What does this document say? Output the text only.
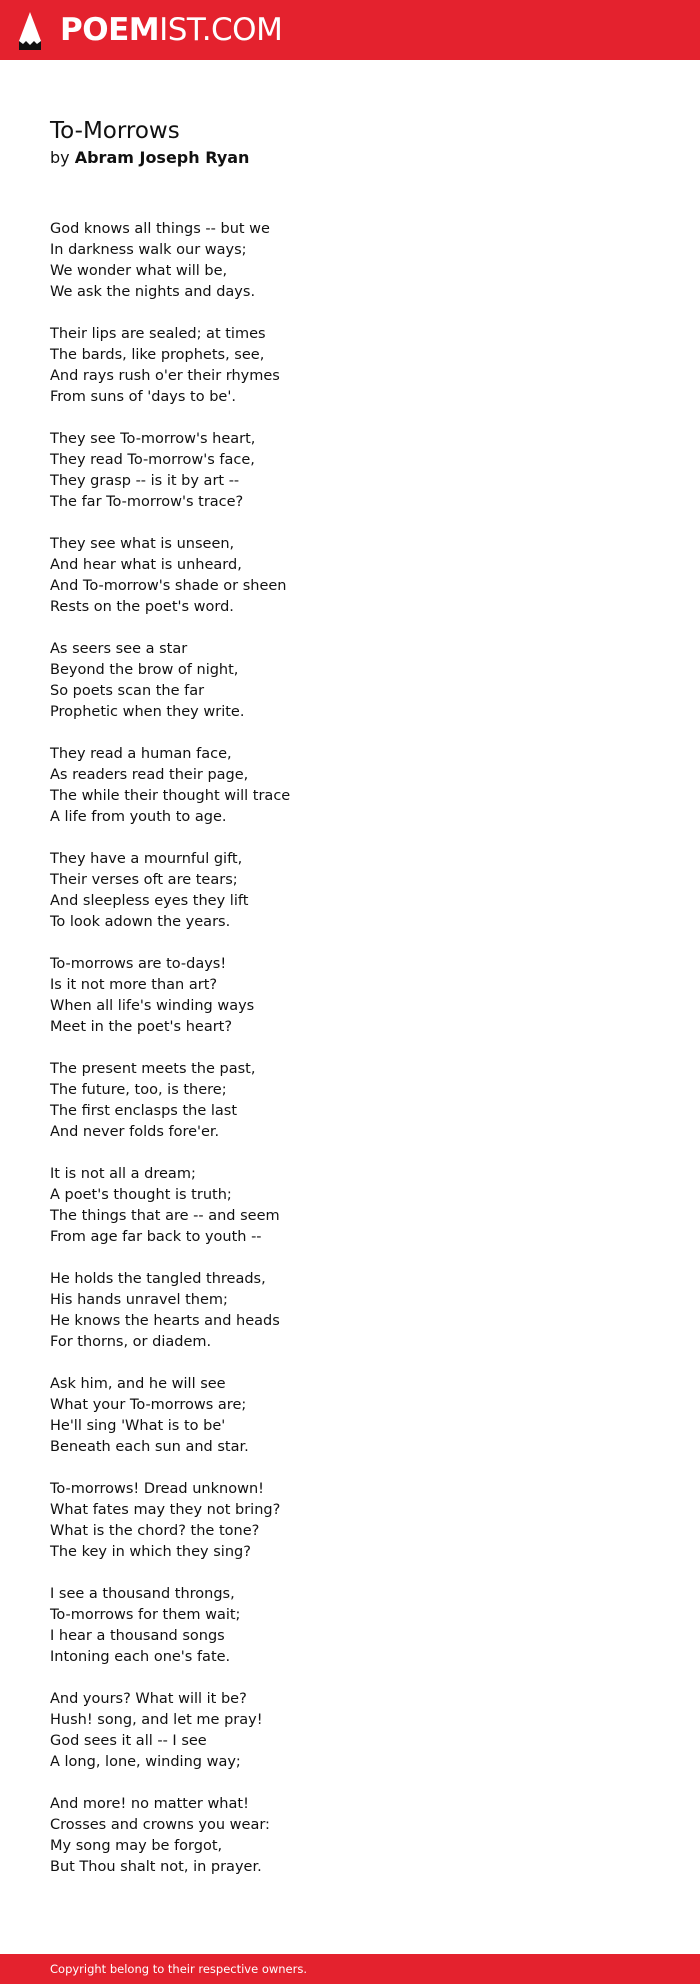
POEMIST.COM
To-Morrows
by Abram Joseph Ryan
God knows all things -- but we
In darkness walk our ways;
We wonder what will be,
We ask the nights and days.
Their lips are sealed; at times
The bards, like prophets, see,
And rays rush o'er their rhymes
From suns of 'days to be'.
They see To-morrow's heart,
They read To-morrow's face,
They grasp -- is it by art --
The far To-morrow's trace?
They see what is unseen,
And hear what is unheard,
And To-morrow's shade or sheen
Rests on the poet's word.
As seers see a star
Beyond the brow of night,
So poets scan the far
Prophetic when they write.
They read a human face,
As readers read their page,
The while their thought will trace
A life from youth to age.
They have a mournful gift,
Their verses oft are tears;
And sleepless eyes they lift
To look adown the years.
To-morrows are to-days!
Is it not more than art?
When all life's winding ways
Meet in the poet's heart?
The present meets the past,
The future, too, is there;
The first enclasps the last
And never folds fore'er.
It is not all a dream;
A poet's thought is truth;
The things that are -- and seem
From age far back to youth --
He holds the tangled threads,
His hands unravel them;
He knows the hearts and heads
For thorns, or diadem.
Ask him, and he will see
What your To-morrows are;
He'll sing 'What is to be'
Beneath each sun and star.
To-morrows! Dread unknown!
What fates may they not bring?
What is the chord? the tone?
The key in which they sing?
I see a thousand throngs,
To-morrows for them wait;
I hear a thousand songs
Intoning each one's fate.
And yours? What will it be?
Hush! song, and let me pray!
God sees it all -- I see
A long, lone, winding way;
And more! no matter what!
Crosses and crowns you wear:
My song may be forgot,
But Thou shalt not, in prayer.
Copyright belong to their respective owners.
